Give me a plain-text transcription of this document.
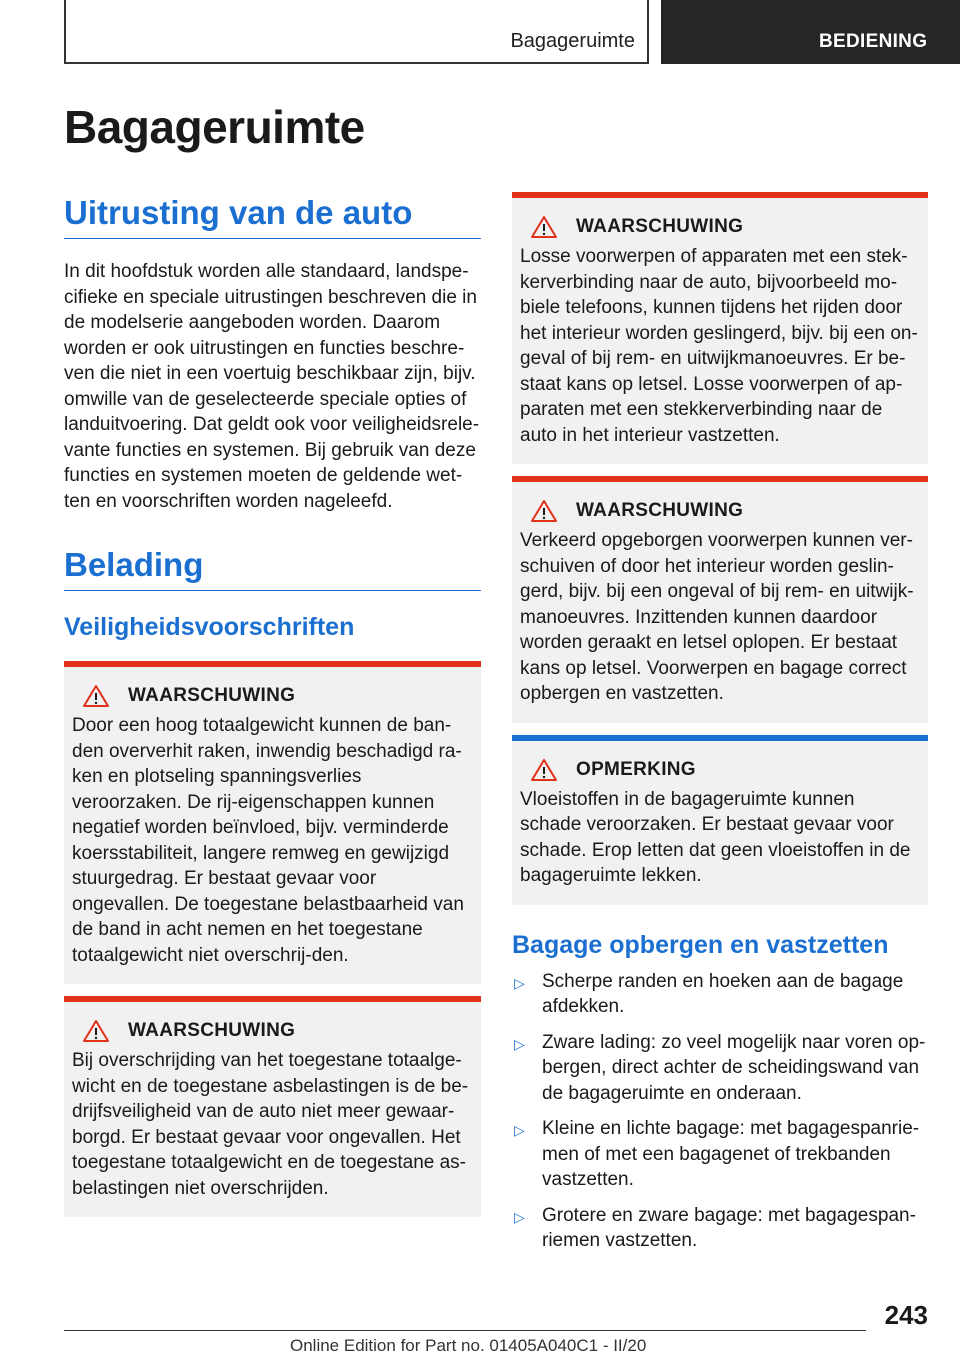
Bagageruimte	BEDIENING
Bagageruimte
Uitrusting van de auto

In dit hoofdstuk worden alle standaard, landspe-cifieke en speciale uitrustingen beschreven die in de modelserie aangeboden worden. Daarom worden er ook uitrustingen en functies beschre-ven die niet in een voertuig beschikbaar zijn, bijv. omwille van de geselecteerde speciale opties of landuitvoering. Dat geldt ook voor veiligheidsrele-vante functies en systemen. Bij gebruik van deze functies en systemen moeten de geldende wet-ten en voorschriften worden nageleefd.

Belading
Veiligheidsvoorschriften
WAARSCHUWING

Door een hoog totaalgewicht kunnen de ban-den oververhit raken, inwendig beschadigd ra-ken en plotseling spanningsverlies veroorzaken. De rij-eigenschappen kunnen negatief worden beïnvloed, bijv. verminderde koersstabiliteit, langere remweg en gewijzigd stuurgedrag. Er bestaat gevaar voor ongevallen. De toegestane belastbaarheid van de band in acht nemen en het toegestane totaalgewicht niet overschrij-den.

WAARSCHUWING

Bij overschrijding van het toegestane totaalge-wicht en de toegestane asbelastingen is de be-drijfsveiligheid van de auto niet meer gewaar-borgd. Er bestaat gevaar voor ongevallen. Het toegestane totaalgewicht en de toegestane as-belastingen niet overschrijden.

WAARSCHUWING

Losse voorwerpen of apparaten met een stek-kerverbinding naar de auto, bijvoorbeeld mo-biele telefoons, kunnen tijdens het rijden door het interieur worden geslingerd, bijv. bij een on-geval of bij rem- en uitwijkmanoeuvres. Er be-staat kans op letsel. Losse voorwerpen of ap-paraten met een stekkerverbinding naar de auto in het interieur vastzetten.

WAARSCHUWING

Verkeerd opgeborgen voorwerpen kunnen ver-schuiven of door het interieur worden geslin-gerd, bijv. bij een ongeval of bij rem- en uitwijk-manoeuvres. Inzittenden kunnen daardoor worden geraakt en letsel oplopen. Er bestaat kans op letsel. Voorwerpen en bagage correct opbergen en vastzetten.

OPMERKING

Vloeistoffen in de bagageruimte kunnen schade veroorzaken. Er bestaat gevaar voor schade. Erop letten dat geen vloeistoffen in de bagageruimte lekken.

Bagage opbergen en vastzetten
▷ Scherpe randen en hoeken aan de bagage afdekken.
▷ Zware lading: zo veel mogelijk naar voren op-bergen, direct achter de scheidingswand van de bagageruimte en onderaan.
▷ Kleine en lichte bagage: met bagagespanrie-men of met een bagagenet of trekbanden vastzetten.
▷ Grotere en zware bagage: met bagagespan-riemen vastzetten.
243
Online Edition for Part no. 01405A040C1 - II/20
